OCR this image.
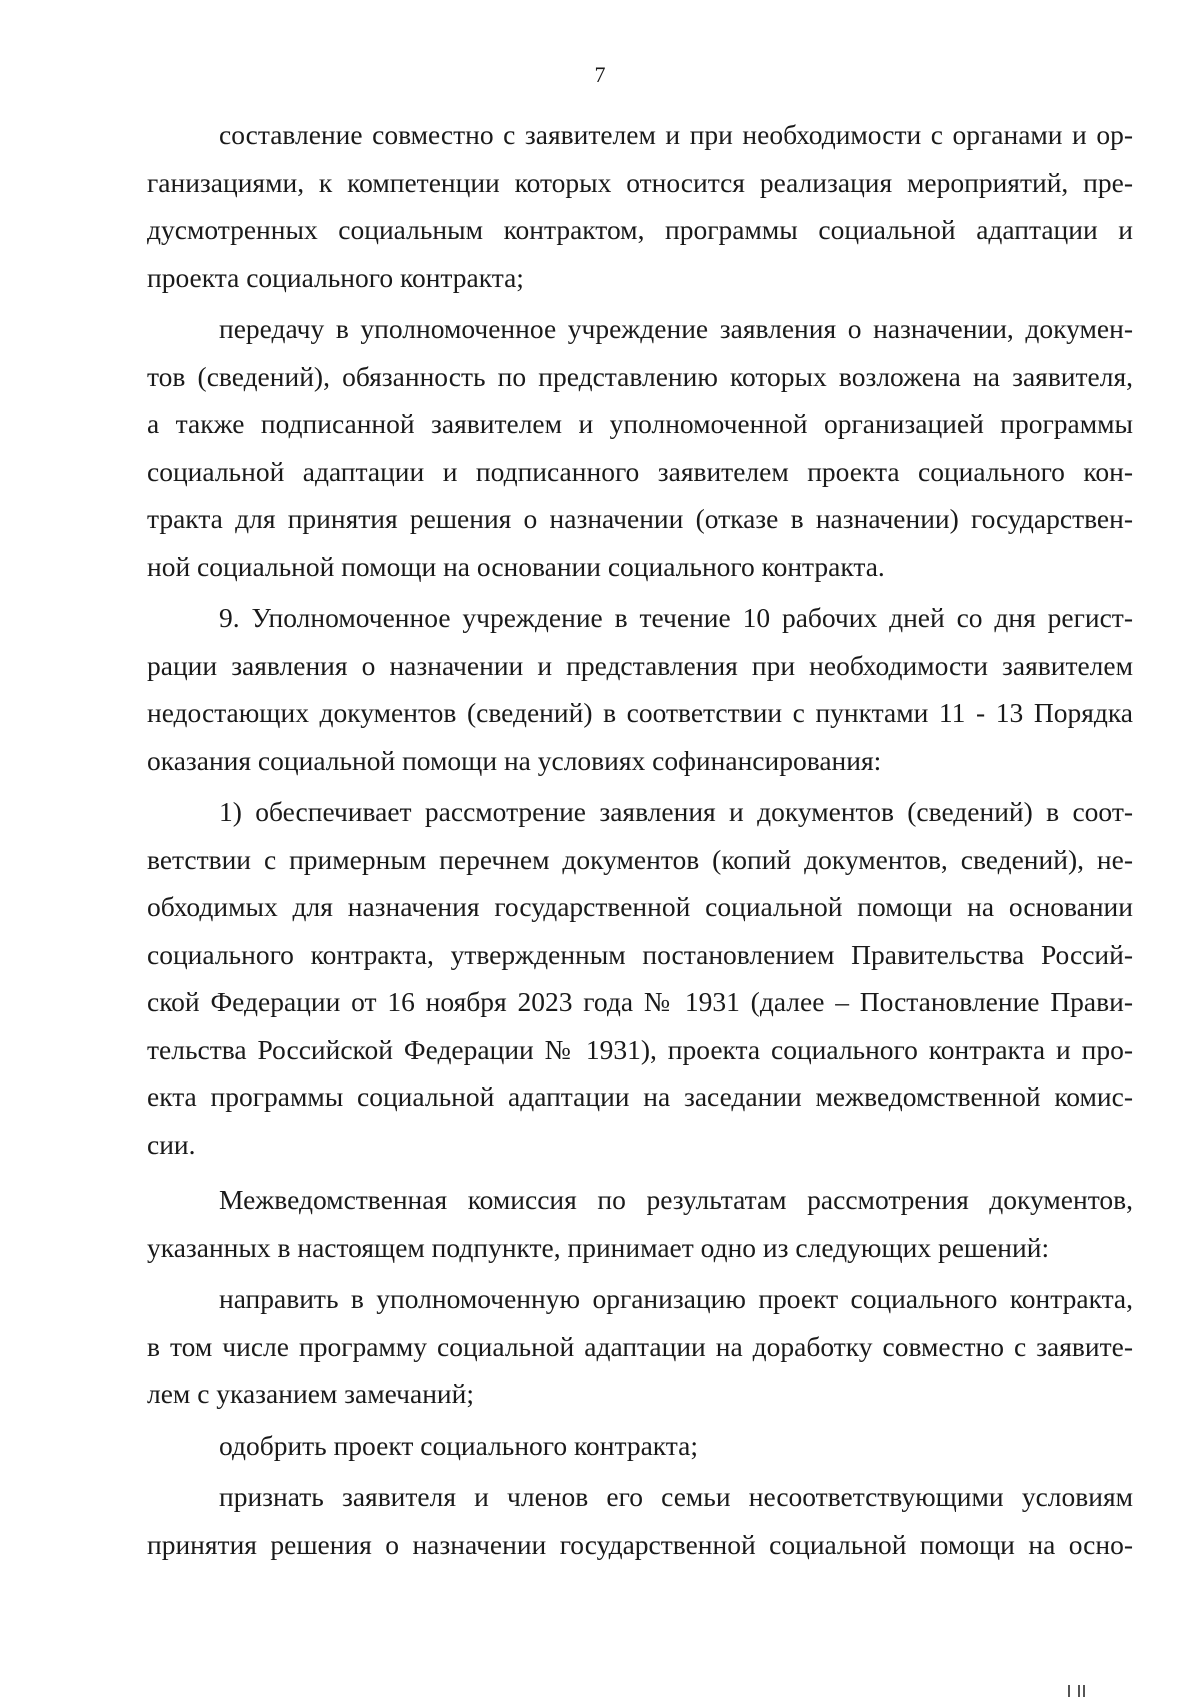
7

составление совместно с заявителем и при необходимости с органами и ор-
ганизациями, к компетенции которых относится реализация мероприятий, пре-
дусмотренных социальным контрактом, программы социальной адаптации и
проекта социального контракта;

передачу в уполномоченное учреждение заявления о назначении, докумен-
тов (сведений), обязанность по представлению которых возложена на заявителя,
а также подписанной заявителем и уполномоченной организацией программы
социальной адаптации и подписанного заявителем проекта социального кон-
тракта для принятия решения о назначении (отказе в назначении) государствен-
ной социальной помощи на основании социального контракта.

9. Уполномоченное учреждение в течение 10 рабочих дней со дня регист-
рации заявления о назначении и представления при необходимости заявителем
недостающих документов (сведений) в соответствии с пунктами 11 - 13 Порядка
оказания социальной помощи на условиях софинансирования:

1) обеспечивает рассмотрение заявления и документов (сведений) в соот-
ветствии с примерным перечнем документов (копий документов, сведений), не-
обходимых для назначения государственной социальной помощи на основании
социального контракта, утвержденным постановлением Правительства Россий-
ской Федерации от 16 ноября 2023 года № 1931 (далее – Постановление Прави-
тельства Российской Федерации № 1931), проекта социального контракта и про-
екта программы социальной адаптации на заседании межведомственной комис-
сии.

Межведомственная комиссия по результатам рассмотрения документов,
указанных в настоящем подпункте, принимает одно из следующих решений:

направить в уполномоченную организацию проект социального контракта,
в том числе программу социальной адаптации на доработку совместно с заявите-
лем с указанием замечаний;

одобрить проект социального контракта;

признать заявителя и членов его семьи несоответствующими условиям
принятия решения о назначении государственной социальной помощи на осно-
